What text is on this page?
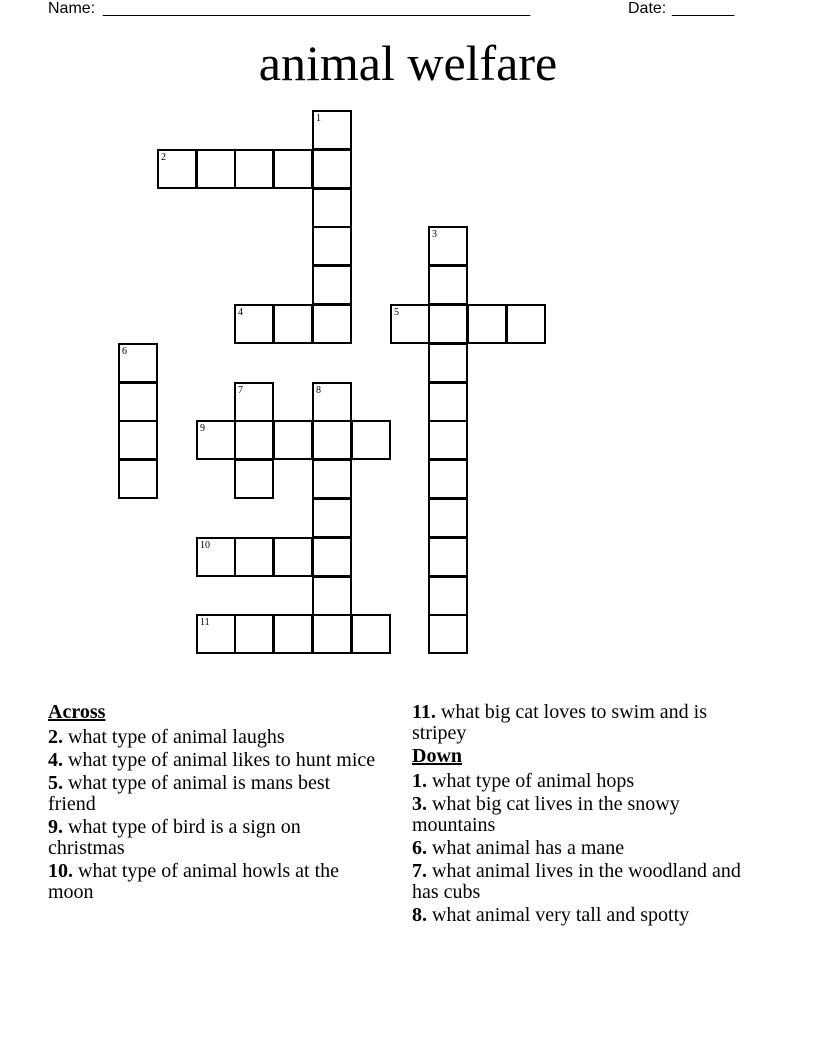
Name: ________________________________________________	Date: _______
animal welfare
1
2
3
4	5
6
7	8
9
10
11
Across
2. what type of animal laughs
4. what type of animal likes to hunt mice
5. what type of animal is mans best friend
9. what type of bird is a sign on christmas
10. what type of animal howls at the moon
11. what big cat loves to swim and is stripey
Down
1. what type of animal hops
3. what big cat lives in the snowy mountains
6. what animal has a mane
7. what animal lives in the woodland and has cubs
8. what animal very tall and spotty
